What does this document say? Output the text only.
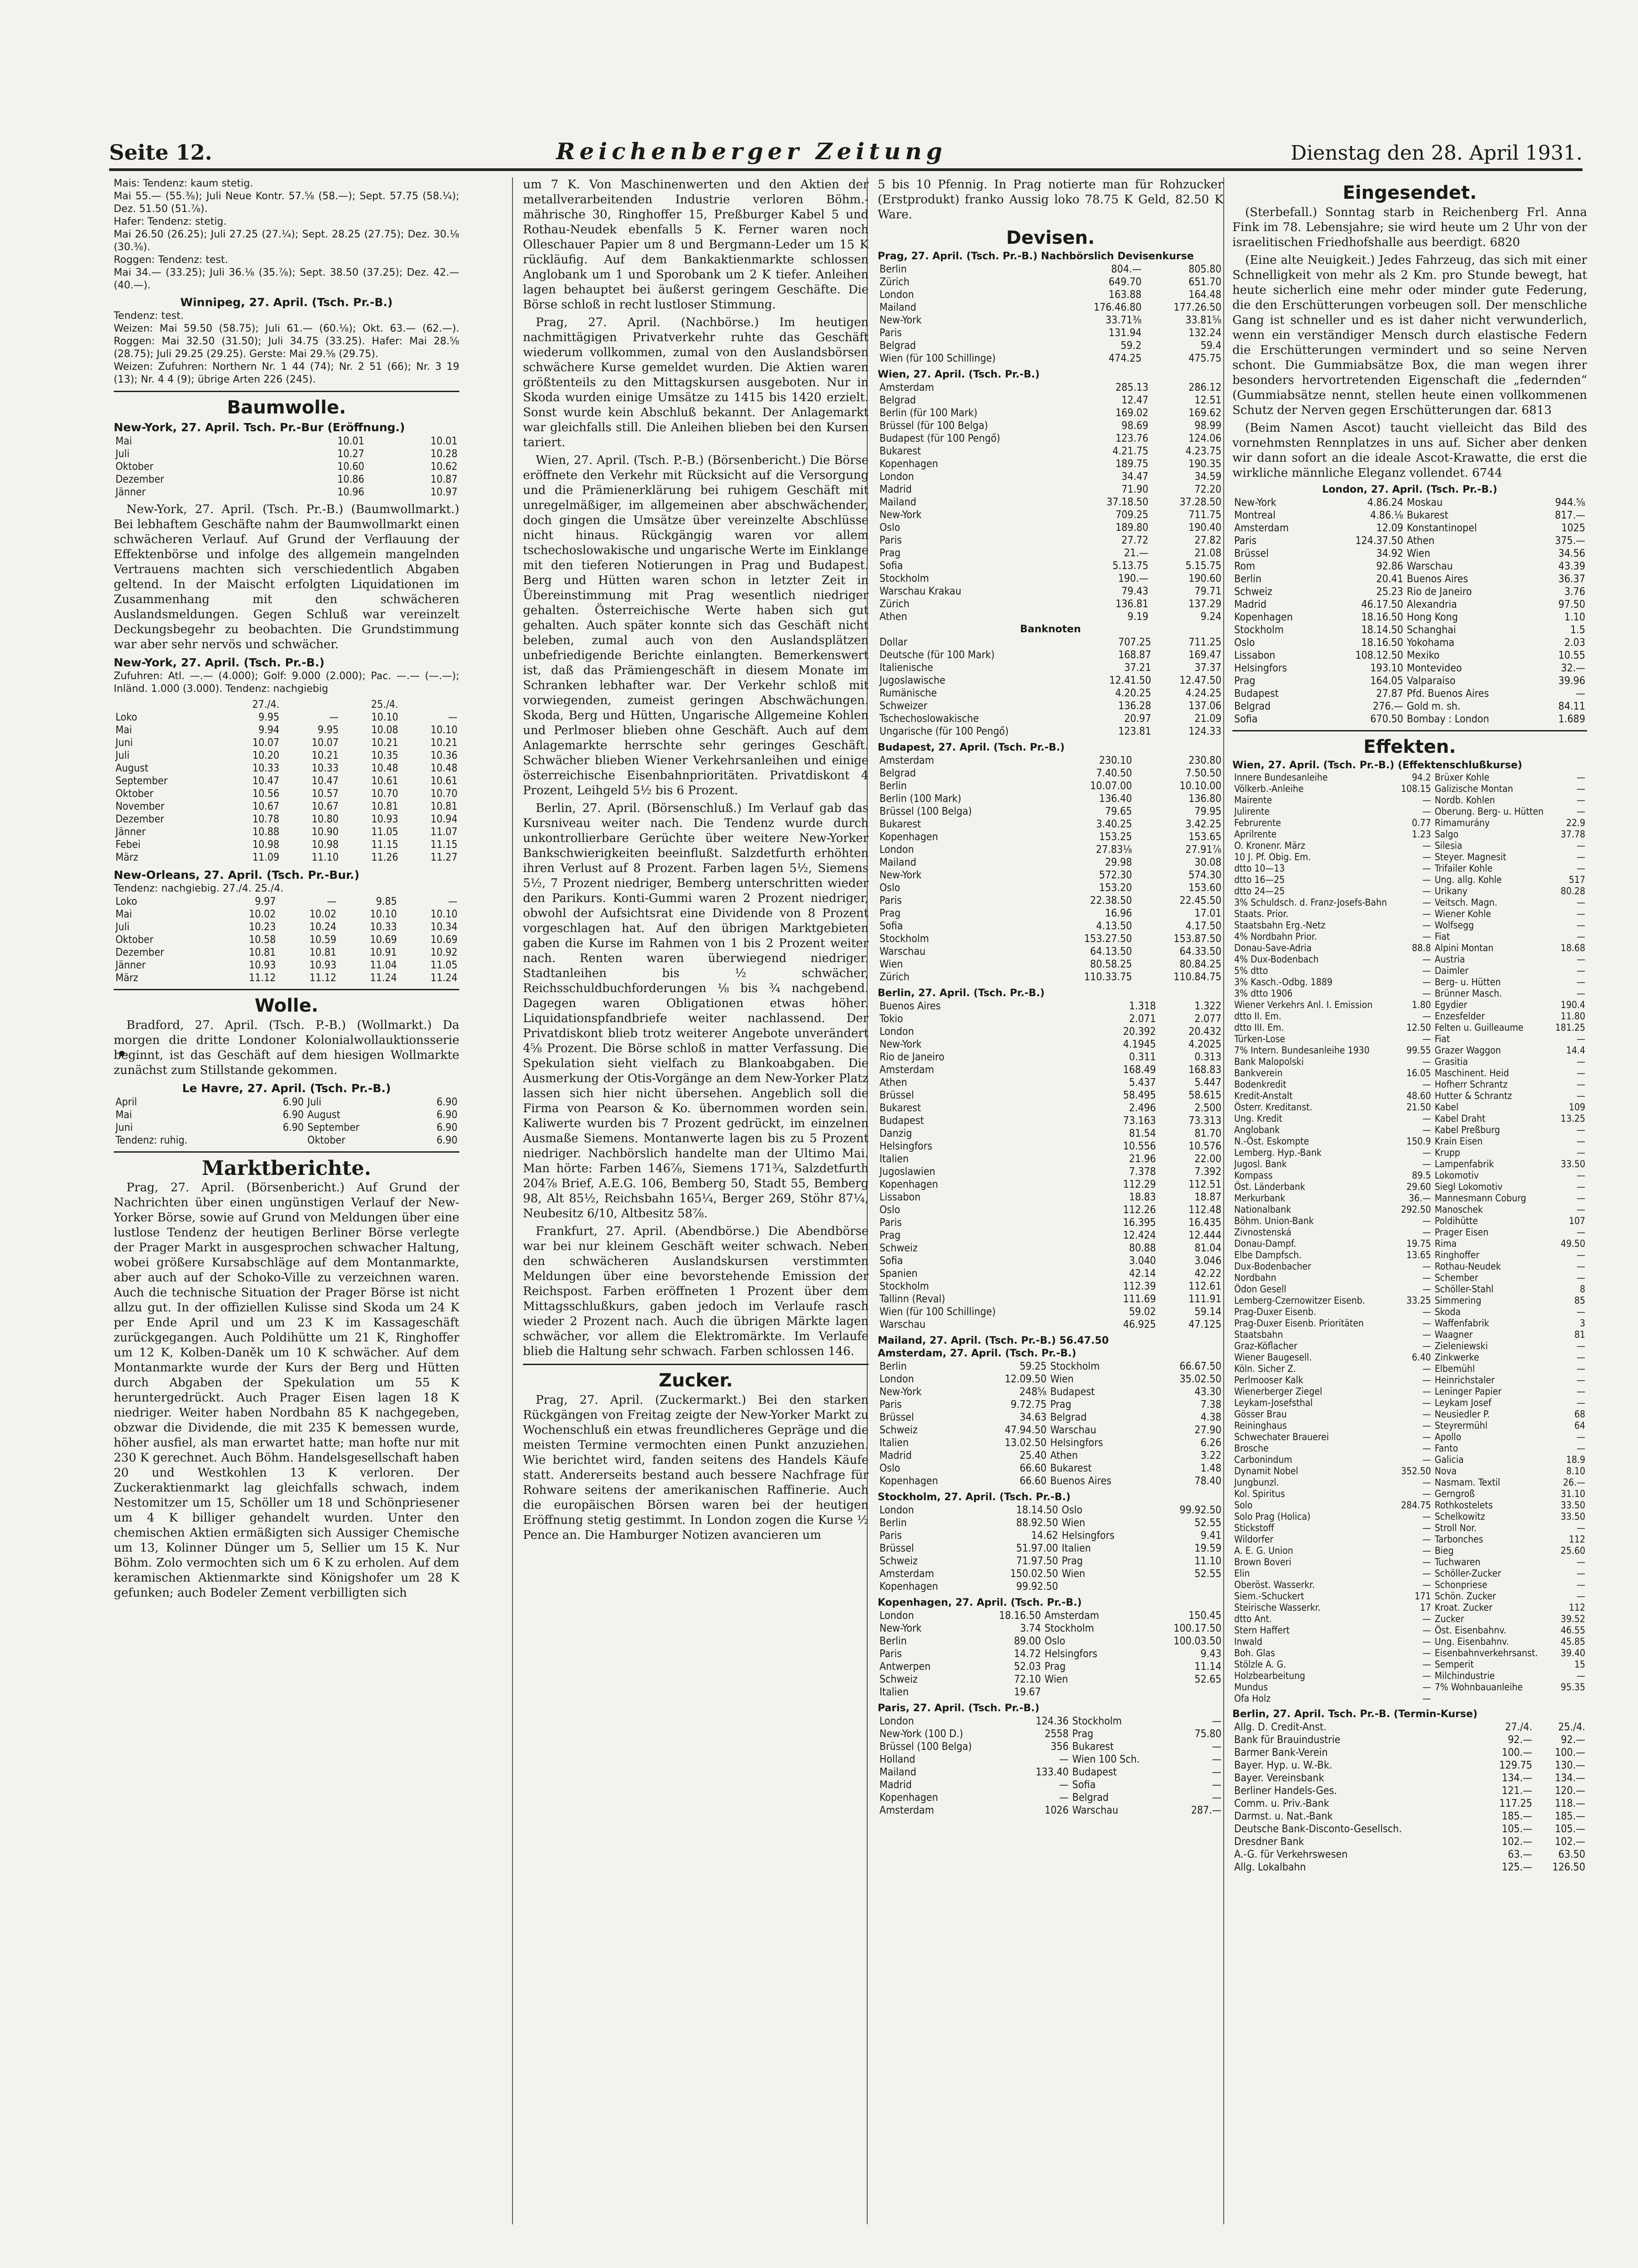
Seite 12.	Reichenberger Zeitung	Dienstag den 28. April 1931.
Mais: Tendenz: kaum stetig.
Mai 55.— (55.⅜); Juli Neue Kontr. 57.⅝ (58.—); Sept. 57.75 (58.¼); Dez. 51.50 (51.⅞).
Hafer: Tendenz: stetig.
Mai 26.50 (26.25); Juli 27.25 (27.¼); Sept. 28.25 (27.75); Dez. 30.⅛ (30.⅜).
Roggen: Tendenz: test.
Mai 34.— (33.25); Juli 36.⅛ (35.⅞); Sept. 38.50 (37.25); Dez. 42.— (40.—).
Winnipeg, 27. April. (Tsch. Pr.-B.)
Tendenz: test.
Weizen: Mai 59.50 (58.75); Juli 61.— (60.⅛); Okt. 63.— (62.—). Roggen: Mai 32.50 (31.50); Juli 34.75 (33.25). Hafer: Mai 28.⅝ (28.75); Juli 29.25 (29.25). Gerste: Mai 29.⅝ (29.75).
Weizen: Zufuhren: Northern Nr. 1 44 (74); Nr. 2 51 (66); Nr. 3 19 (13); Nr. 4 4 (9); übrige Arten 226 (245).
Baumwolle.
New-York, 27. April. Tsch. Pr.-Bur (Eröffnung.)
Mai	10.01	10.01
Juli	10.27	10.28
Oktober	10.60	10.62
Dezember	10.86	10.87
Jänner	10.96	10.97
New-York, 27. April. (Tsch. Pr.-B.) (Baumwollmarkt.) Bei lebhaftem Geschäfte nahm der Baumwollmarkt einen schwächeren Verlauf. Auf Grund der Verflauung der Effektenbörse und infolge des allgemein mangelnden Vertrauens machten sich verschiedentlich Abgaben geltend. In der Maischt erfolgten Liquidationen im Zusammenhang mit den schwächeren Auslandsmeldungen. Gegen Schluß war vereinzelt Deckungsbegehr zu beobachten. Die Grundstimmung war aber sehr nervös und schwächer.
New-York, 27. April. (Tsch. Pr.-B.)
Zufuhren: Atl. —.— (4.000); Golf: 9.000 (2.000); Pac. —.— (—.—); Inländ. 1.000 (3.000). Tendenz: nachgiebig
	27./4.		25./4.	
Loko	9.95	—	10.10	—
Mai	9.94	9.95	10.08	10.10
Juni	10.07	10.07	10.21	10.21
Juli	10.20	10.21	10.35	10.36
August	10.33	10.33	10.48	10.48
September	10.47	10.47	10.61	10.61
Oktober	10.56	10.57	10.70	10.70
November	10.67	10.67	10.81	10.81
Dezember	10.78	10.80	10.93	10.94
Jänner	10.88	10.90	11.05	11.07
Febei	10.98	10.98	11.15	11.15
März	11.09	11.10	11.26	11.27
New-Orleans, 27. April. (Tsch. Pr.-Bur.)
Tendenz: nachgiebig. 27./4. 25./4.
Loko	9.97	—	9.85	—
Mai	10.02	10.02	10.10	10.10
Juli	10.23	10.24	10.33	10.34
Oktober	10.58	10.59	10.69	10.69
Dezember	10.81	10.81	10.91	10.92
Jänner	10.93	10.93	11.04	11.05
März	11.12	11.12	11.24	11.24
Wolle.
Bradford, 27. April. (Tsch. P.-B.) (Wollmarkt.) Da morgen die dritte Londoner Kolonialwollauktionsserie beginnt, ist das Geschäft auf dem hiesigen Wollmarkte zunächst zum Stillstande gekommen.
Le Havre, 27. April. (Tsch. Pr.-B.)
April	6.90	Juli	6.90
Mai	6.90	August	6.90
Juni	6.90	September	6.90
Tendenz: ruhig.		Oktober	6.90
Marktberichte.
Prag, 27. April. (Börsenbericht.) Auf Grund der Nachrichten über einen ungünstigen Verlauf der New-Yorker Börse, sowie auf Grund von Meldungen über eine lustlose Tendenz der heutigen Berliner Börse verlegte der Prager Markt in ausgesprochen schwacher Haltung, wobei größere Kursabschläge auf dem Montanmarkte, aber auch auf der Schoko-Ville zu verzeichnen waren. Auch die technische Situation der Prager Börse ist nicht allzu gut. In der offiziellen Kulisse sind Skoda um 24 K per Ende April und um 23 K im Kassageschäft zurückgegangen. Auch Poldihütte um 21 K, Ringhoffer um 12 K, Kolben-Daněk um 10 K schwächer. Auf dem Montanmarkte wurde der Kurs der Berg und Hütten durch Abgaben der Spekulation um 55 K heruntergedrückt. Auch Prager Eisen lagen 18 K niedriger. Weiter haben Nordbahn 85 K nachgegeben, obzwar die Dividende, die mit 235 K bemessen wurde, höher ausfiel, als man erwartet hatte; man hofte nur mit 230 K gerechnet. Auch Böhm. Handelsgesellschaft haben 20 und Westkohlen 13 K verloren. Der Zuckeraktienmarkt lag gleichfalls schwach, indem Nestomitzer um 15, Schöller um 18 und Schönpriesener um 4 K billiger gehandelt wurden. Unter den chemischen Aktien ermäßigten sich Aussiger Chemische um 13, Kolinner Dünger um 5, Sellier um 15 K. Nur Böhm. Zolo vermochten sich um 6 K zu erholen. Auf dem keramischen Aktienmarkte sind Königshofer um 28 K gefunken; auch Bodeler Zement verbilligten sich
um 7 K. Von Maschinenwerten und den Aktien der metallverarbeitenden Industrie verloren Böhm.-mährische 30, Ringhoffer 15, Preßburger Kabel 5 und Rothau-Neudek ebenfalls 5 K. Ferner waren noch Olleschauer Papier um 8 und Bergmann-Leder um 15 K rückläufig. Auf dem Bankaktienmarkte schlossen Anglobank um 1 und Sporobank um 2 K tiefer. Anleihen lagen behauptet bei äußerst geringem Geschäfte. Die Börse schloß in recht lustloser Stimmung.
Prag, 27. April. (Nachbörse.) Im heutigen nachmittägigen Privatverkehr ruhte das Geschäft wiederum vollkommen, zumal von den Auslandsbörsen schwächere Kurse gemeldet wurden. Die Aktien waren größtenteils zu den Mittagskursen ausgeboten. Nur in Skoda wurden einige Umsätze zu 1415 bis 1420 erzielt. Sonst wurde kein Abschluß bekannt. Der Anlagemarkt war gleichfalls still. Die Anleihen blieben bei den Kursen tariert.
Wien, 27. April. (Tsch. P.-B.) (Börsenbericht.) Die Börse eröffnete den Verkehr mit Rücksicht auf die Versorgung und die Prämienerklärung bei ruhigem Geschäft mit unregelmäßiger, im allgemeinen aber abschwächender, doch gingen die Umsätze über vereinzelte Abschlüsse nicht hinaus. Rückgängig waren vor allem tschechoslowakische und ungarische Werte im Einklange mit den tieferen Notierungen in Prag und Budapest. Berg und Hütten waren schon in letzter Zeit in Übereinstimmung mit Prag wesentlich niedriger gehalten. Österreichische Werte haben sich gut gehalten. Auch später konnte sich das Geschäft nicht beleben, zumal auch von den Auslandsplätzen unbefriedigende Berichte einlangten. Bemerkenswert ist, daß das Prämiengeschäft in diesem Monate im Schranken lebhafter war. Der Verkehr schloß mit vorwiegenden, zumeist geringen Abschwächungen. Skoda, Berg und Hütten, Ungarische Allgemeine Kohlen und Perlmoser blieben ohne Geschäft. Auch auf dem Anlagemarkte herrschte sehr geringes Geschäft. Schwächer blieben Wiener Verkehrsanleihen und einige österreichische Eisenbahnprioritäten. Privatdiskont 4 Prozent, Leihgeld 5½ bis 6 Prozent.
Berlin, 27. April. (Börsenschluß.) Im Verlauf gab das Kursniveau weiter nach. Die Tendenz wurde durch unkontrollierbare Gerüchte über weitere New-Yorker Bankschwierigkeiten beeinflußt. Salzdetfurth erhöhten ihren Verlust auf 8 Prozent. Farben lagen 5½, Siemens 5½, 7 Prozent niedriger, Bemberg unterschritten wieder den Parikurs. Konti-Gummi waren 2 Prozent niedriger, obwohl der Aufsichtsrat eine Dividende von 8 Prozent vorgeschlagen hat. Auf den übrigen Marktgebieten gaben die Kurse im Rahmen von 1 bis 2 Prozent weiter nach. Renten waren überwiegend niedriger. Stadtanleihen bis ½ schwächer, Reichsschuldbuchforderungen ⅛ bis ¾ nachgebend. Dagegen waren Obligationen etwas höher. Liquidationspfandbriefe weiter nachlassend. Der Privatdiskont blieb trotz weiterer Angebote unverändert 4⅝ Prozent. Die Börse schloß in matter Verfassung. Die Spekulation sieht vielfach zu Blankoabgaben. Die Ausmerkung der Otis-Vorgänge an dem New-Yorker Platz lassen sich hier nicht übersehen. Angeblich soll die Firma von Pearson & Ko. übernommen worden sein. Kaliwerte wurden bis 7 Prozent gedrückt, im einzelnen Ausmaße Siemens. Montanwerte lagen bis zu 5 Prozent niedriger. Nachbörslich handelte man der Ultimo Mai. Man hörte: Farben 146⅞, Siemens 171¾, Salzdetfurth 204⅞ Brief, A.E.G. 106, Bemberg 50, Stadt 55, Bemberg 98, Alt 85½, Reichsbahn 165¼, Berger 269, Stöhr 87¼, Neubesitz 6/10, Altbesitz 58⅞.
Frankfurt, 27. April. (Abendbörse.) Die Abendbörse war bei nur kleinem Geschäft weiter schwach. Neben den schwächeren Auslandskursen verstimmten Meldungen über eine bevorstehende Emission der Reichspost. Farben eröffneten 1 Prozent über dem Mittagsschlußkurs, gaben jedoch im Verlaufe rasch wieder 2 Prozent nach. Auch die übrigen Märkte lagen schwächer, vor allem die Elektromärkte. Im Verlaufe blieb die Haltung sehr schwach. Farben schlossen 146.
Zucker.
Prag, 27. April. (Zuckermarkt.) Bei den starken Rückgängen von Freitag zeigte der New-Yorker Markt zu Wochenschluß ein etwas freundlicheres Gepräge und die meisten Termine vermochten einen Punkt anzuziehen. Wie berichtet wird, fanden seitens des Handels Käufe statt. Andererseits bestand auch bessere Nachfrage für Rohware seitens der amerikanischen Raffinerie. Auch die europäischen Börsen waren bei der heutigen Eröffnung stetig gestimmt. In London zogen die Kurse ½ Pence an. Die Hamburger Notizen avancieren um
5 bis 10 Pfennig. In Prag notierte man für Rohzucker (Erstprodukt) franko Aussig loko 78.75 K Geld, 82.50 K Ware.
Devisen.
Prag, 27. April. (Tsch. Pr.-B.) Nachbörslich Devisenkurse
Berlin	804.—	805.80
Zürich	649.70	651.70
London	163.88	164.48
Mailand	176.46.80	177.26.50
New-York	33.71⅜	33.81⅝
Paris	131.94	132.24
Belgrad	59.2	59.4
Wien (für 100 Schillinge)	474.25	475.75
Wien, 27. April. (Tsch. Pr.-B.)
Amsterdam	285.13	286.12
Belgrad	12.47	12.51
Berlin (für 100 Mark)	169.02	169.62
Brüssel (für 100 Belga)	98.69	98.99
Budapest (für 100 Pengő)	123.76	124.06
Bukarest	4.21.75	4.23.75
Kopenhagen	189.75	190.35
London	34.47	34.59
Madrid	71.90	72.20
Mailand	37.18.50	37.28.50
New-York	709.25	711.75
Oslo	189.80	190.40
Paris	27.72	27.82
Prag	21.—	21.08
Sofia	5.13.75	5.15.75
Stockholm	190.—	190.60
Warschau Krakau	79.43	79.71
Zürich	136.81	137.29
Athen	9.19	9.24
Banknoten
Dollar	707.25	711.25
Deutsche (für 100 Mark)	168.87	169.47
Italienische	37.21	37.37
Jugoslawische	12.41.50	12.47.50
Rumänische	4.20.25	4.24.25
Schweizer	136.28	137.06
Tschechoslowakische	20.97	21.09
Ungarische (für 100 Pengő)	123.81	124.33
Budapest, 27. April. (Tsch. Pr.-B.)
Amsterdam	230.10	230.80
Belgrad	7.40.50	7.50.50
Berlin	10.07.00	10.10.00
Berlin (100 Mark)	136.40	136.80
Brüssel (100 Belga)	79.65	79.95
Bukarest	3.40.25	3.42.25
Kopenhagen	153.25	153.65
London	27.83⅛	27.91⅞
Mailand	29.98	30.08
New-York	572.30	574.30
Oslo	153.20	153.60
Paris	22.38.50	22.45.50
Prag	16.96	17.01
Sofia	4.13.50	4.17.50
Stockholm	153.27.50	153.87.50
Warschau	64.13.50	64.33.50
Wien	80.58.25	80.84.25
Zürich	110.33.75	110.84.75
Berlin, 27. April. (Tsch. Pr.-B.)
Buenos Aires	1.318	1.322
Tokio	2.071	2.077
London	20.392	20.432
New-York	4.1945	4.2025
Rio de Janeiro	0.311	0.313
Amsterdam	168.49	168.83
Athen	5.437	5.447
Brüssel	58.495	58.615
Bukarest	2.496	2.500
Budapest	73.163	73.313
Danzig	81.54	81.70
Helsingfors	10.556	10.576
Italien	21.96	22.00
Jugoslawien	7.378	7.392
Kopenhagen	112.29	112.51
Lissabon	18.83	18.87
Oslo	112.26	112.48
Paris	16.395	16.435
Prag	12.424	12.444
Schweiz	80.88	81.04
Sofia	3.040	3.046
Spanien	42.14	42.22
Stockholm	112.39	112.61
Tallinn (Reval)	111.69	111.91
Wien (für 100 Schillinge)	59.02	59.14
Warschau	46.925	47.125
Mailand, 27. April. (Tsch. Pr.-B.) 56.47.50
Amsterdam, 27. April. (Tsch. Pr.-B.)
Berlin	59.25	Stockholm	66.67.50
London	12.09.50	Wien	35.02.50
New-York	248⅝	Budapest	43.30
Paris	9.72.75	Prag	7.38
Brüssel	34.63	Belgrad	4.38
Schweiz	47.94.50	Warschau	27.90
Italien	13.02.50	Helsingfors	6.26
Madrid	25.40	Athen	3.22
Oslo	66.60	Bukarest	1.48
Kopenhagen	66.60	Buenos Aires	78.40
Stockholm, 27. April. (Tsch. Pr.-B.)
London	18.14.50	Oslo	99.92.50
Berlin	88.92.50	Wien	52.55
Paris	14.62	Helsingfors	9.41
Brüssel	51.97.00	Italien	19.59
Schweiz	71.97.50	Prag	11.10
Amsterdam	150.02.50	Wien	52.55
Kopenhagen	99.92.50		
Kopenhagen, 27. April. (Tsch. Pr.-B.)
London	18.16.50	Amsterdam	150.45
New-York	3.74	Stockholm	100.17.50
Berlin	89.00	Oslo	100.03.50
Paris	14.72	Helsingfors	9.43
Antwerpen	52.03	Prag	11.14
Schweiz	72.10	Wien	52.65
Italien	19.67		
Paris, 27. April. (Tsch. Pr.-B.)
London	124.36	Stockholm	—
New-York (100 D.)	2558	Prag	75.80
Brüssel (100 Belga)	356	Bukarest	—
Holland	—	Wien 100 Sch.	—
Mailand	133.40	Budapest	—
Madrid	—	Sofia	—
Kopenhagen	—	Belgrad	—
Amsterdam	1026	Warschau	287.—
Eingesendet.
(Sterbefall.) Sonntag starb in Reichenberg Frl. Anna Fink im 78. Lebensjahre; sie wird heute um 2 Uhr von der israelitischen Friedhofshalle aus beerdigt. 6820
(Eine alte Neuigkeit.) Jedes Fahrzeug, das sich mit einer Schnelligkeit von mehr als 2 Km. pro Stunde bewegt, hat heute sicherlich eine mehr oder minder gute Federung, die den Erschütterungen vorbeugen soll. Der menschliche Gang ist schneller und es ist daher nicht verwunderlich, wenn ein verständiger Mensch durch elastische Federn die Erschütterungen vermindert und so seine Nerven schont. Die Gummiabsätze Box, die man wegen ihrer besonders hervortretenden Eigenschaft die „federnden“ (Gummiabsätze nennt, stellen heute einen vollkommenen Schutz der Nerven gegen Erschütterungen dar. 6813
(Beim Namen Ascot) taucht vielleicht das Bild des vornehmsten Rennplatzes in uns auf. Sicher aber denken wir dann sofort an die ideale Ascot-Krawatte, die erst die wirkliche männliche Eleganz vollendet. 6744
London, 27. April. (Tsch. Pr.-B.)
New-York	4.86.24	Moskau	944.⅝
Montreal	4.86.⅛	Bukarest	817.—
Amsterdam	12.09	Konstantinopel	1025
Paris	124.37.50	Athen	375.—
Brüssel	34.92	Wien	34.56
Rom	92.86	Warschau	43.39
Berlin	20.41	Buenos Aires	36.37
Schweiz	25.23	Rio de Janeiro	3.76
Madrid	46.17.50	Alexandria	97.50
Kopenhagen	18.16.50	Hong Kong	1.10
Stockholm	18.14.50	Schanghai	1.5
Oslo	18.16.50	Yokohama	2.03
Lissabon	108.12.50	Mexiko	10.55
Helsingfors	193.10	Montevideo	32.—
Prag	164.05	Valparaiso	39.96
Budapest	27.87	Pfd. Buenos Aires	—
Belgrad	276.—	Gold m. sh.	84.11
Sofia	670.50	Bombay : London	1.689
Effekten.
Wien, 27. April. (Tsch. Pr.-B.) (Effektenschlußkurse)
Innere Bundesanleihe	94.2	Brüxer Kohle	—
Völkerb.-Anleihe	108.15	Galizische Montan	—
Mairente	—	Nordb. Kohlen	—
Julirente	—	Oberung. Berg- u. Hütten	—
Februrente	0.77	Rimamurány	22.9
Aprilrente	1.23	Salgo	37.78
O. Kronenr. März	—	Silesia	—
10 J. Pf. Obig. Em.	—	Steyer. Magnesit	—
dtto 10—13	—	Trifailer Kohle	—
dtto 16—25	—	Ung. allg. Kohle	517
dtto 24—25	—	Urikany	80.28
3% Schuldsch. d. Franz-Josefs-Bahn	—	Veitsch. Magn.	—
Staats. Prior.	—	Wiener Kohle	—
Staatsbahn Erg.-Netz	—	Wolfsegg	—
4% Nordbahn Prior.	—	Fiat	—
Donau-Save-Adria	88.8	Alpini Montan	18.68
4% Dux-Bodenbach	—	Austria	—
5% dtto	—	Daimler	—
3% Kasch.-Odbg. 1889	—	Berg- u. Hütten	—
3% dtto 1906	—	Brünner Masch.	—
Wiener Verkehrs Anl. I. Emission	1.80	Egydier	190.4
dtto II. Em.	—	Enzesfelder	11.80
dtto III. Em.	12.50	Felten u. Guilleaume	181.25
Türken-Lose	—	Fiat	—
7% Intern. Bundesanleihe 1930	99.55	Grazer Waggon	14.4
Bank Malopolski	—	Grasitia	—
Bankverein	16.05	Maschinent. Heid	—
Bodenkredit	—	Hofherr Schrantz	—
Kredit-Anstalt	48.60	Hutter & Schrantz	—
Österr. Kreditanst.	21.50	Kabel	109
Ung. Kredit	—	Kabel Draht	13.25
Anglobank	—	Kabel Preßburg	—
N.-Öst. Eskompte	150.9	Krain Eisen	—
Lemberg. Hyp.-Bank	—	Krupp	—
Jugosl. Bank	—	Lampenfabrik	33.50
Kompass	89.5	Lokomotiv	—
Öst. Länderbank	29.60	Siegl Lokomotiv	—
Merkurbank	36.—	Mannesmann Coburg	—
Nationalbank	292.50	Manoschek	—
Böhm. Union-Bank	—	Poldihütte	107
Zivnostenská	—	Prager Eisen	—
Donau-Dampf.	19.75	Rima	49.50
Elbe Dampfsch.	13.65	Ringhoffer	—
Dux-Bodenbacher	—	Rothau-Neudek	—
Nordbahn	—	Schember	—
Ödon Gesell	—	Schöller-Stahl	8
Lemberg-Czernowitzer Eisenb.	33.25	Simmering	85
Prag-Duxer Eisenb.	—	Skoda	—
Prag-Duxer Eisenb. Prioritäten	—	Waffenfabrik	3
Staatsbahn	—	Waagner	81
Graz-Köflacher	—	Zieleniewski	—
Wiener Baugesell.	6.40	Zinkwerke	—
Köln. Sicher Z.	—	Elbemühl	—
Perlmooser Kalk	—	Heinrichstaler	—
Wienerberger Ziegel	—	Leninger Papier	—
Leykam-Josefsthal	—	Leykam Josef	—
Gösser Brau	—	Neusiedler P.	68
Reininghaus	—	Steyrermühl	64
Schwechater Brauerei	—	Apollo	—
Brosche	—	Fanto	—
Carbonindum	—	Galicia	18.9
Dynamit Nobel	352.50	Nova	8.10
Jungbunzl.	—	Nasmam. Textil	26.—
Kol. Spiritus	—	Gerngroß	31.10
Solo	284.75	Rothkostelets	33.50
Solo Prag (Holica)	—	Schelkowitz	33.50
Stickstoff	—	Stroll Nor.	—
Wildorfer	—	Tarbonches	112
A. E. G. Union	—	Bieg	25.60
Brown Boveri	—	Tuchwaren	—
Elin	—	Schöller-Zucker	—
Oberöst. Wasserkr.	—	Schonpriese	—
Siem.-Schuckert	171	Schön. Zucker	—
Steirische Wasserkr.	17	Kroat. Zucker	112
dtto Ant.	—	Zucker	39.52
Stern Haffert	—	Öst. Eisenbahnv.	46.55
Inwald	—	Ung. Eisenbahnv.	45.85
Boh. Glas	—	Eisenbahnverkehrsanst.	39.40
Stölzle A. G.	—	Semperit	15
Holzbearbeitung	—	Milchindustrie	—
Mundus	—	7% Wohnbauanleihe	95.35
Ofa Holz	—		
Berlin, 27. April. Tsch. Pr.-B. (Termin-Kurse)
Allg. D. Credit-Anst.	27./4.	25./4.
Bank für Brauindustrie	92.—	92.—
Barmer Bank-Verein	100.—	100.—
Bayer. Hyp. u. W.-Bk.	129.75	130.—
Bayer. Vereinsbank	134.—	134.—
Berliner Handels-Ges.	121.—	120.—
Comm. u. Priv.-Bank	117.25	118.—
Darmst. u. Nat.-Bank	185.—	185.—
Deutsche Bank-Disconto-Gesellsch.	105.—	105.—
Dresdner Bank	102.—	102.—
A.-G. für Verkehrswesen	63.—	63.50
Allg. Lokalbahn	125.—	126.50
